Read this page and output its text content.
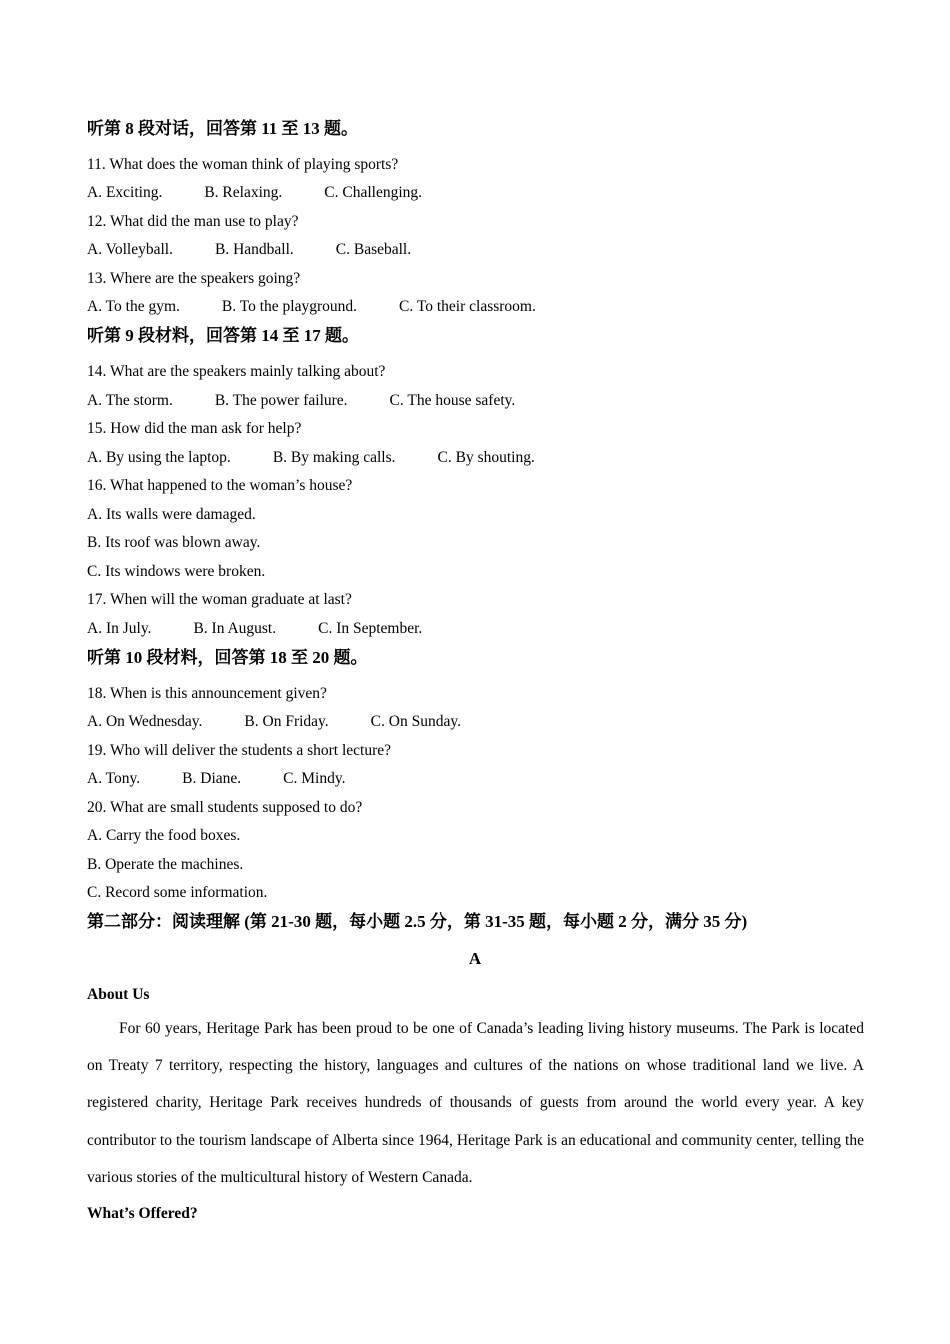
听第 8 段对话，回答第 11 至 13 题。
11. What does the woman think of playing sports?
A. Exciting.	B. Relaxing.	C. Challenging.
12. What did the man use to play?
A. Volleyball.	B. Handball.	C. Baseball.
13. Where are the speakers going?
A. To the gym.	B. To the playground.	C. To their classroom.
听第 9 段材料，回答第 14 至 17 题。
14. What are the speakers mainly talking about?
A. The storm.	B. The power failure.	C. The house safety.
15. How did the man ask for help?
A. By using the laptop.	B. By making calls.	C. By shouting.
16. What happened to the woman’s house?
A. Its walls were damaged.
B. Its roof was blown away.
C. Its windows were broken.
17. When will the woman graduate at last?
A. In July.	B. In August.	C. In September.
听第 10 段材料，回答第 18 至 20 题。
18. When is this announcement given?
A. On Wednesday.	B. On Friday.	C. On Sunday.
19. Who will deliver the students a short lecture?
A. Tony.	B. Diane.	C. Mindy.
20. What are small students supposed to do?
A. Carry the food boxes.
B. Operate the machines.
C. Record some information.
第二部分：阅读理解 (第 21-30 题，每小题 2.5 分，第 31-35 题，每小题 2 分，满分 35 分)
A
About Us
For 60 years, Heritage Park has been proud to be one of Canada’s leading living history museums. The Park is located on Treaty 7 territory, respecting the history, languages and cultures of the nations on whose traditional land we live. A registered charity, Heritage Park receives hundreds of thousands of guests from around the world every year. A key contributor to the tourism landscape of Alberta since 1964, Heritage Park is an educational and community center, telling the various stories of the multicultural history of Western Canada.
What’s Offered?
